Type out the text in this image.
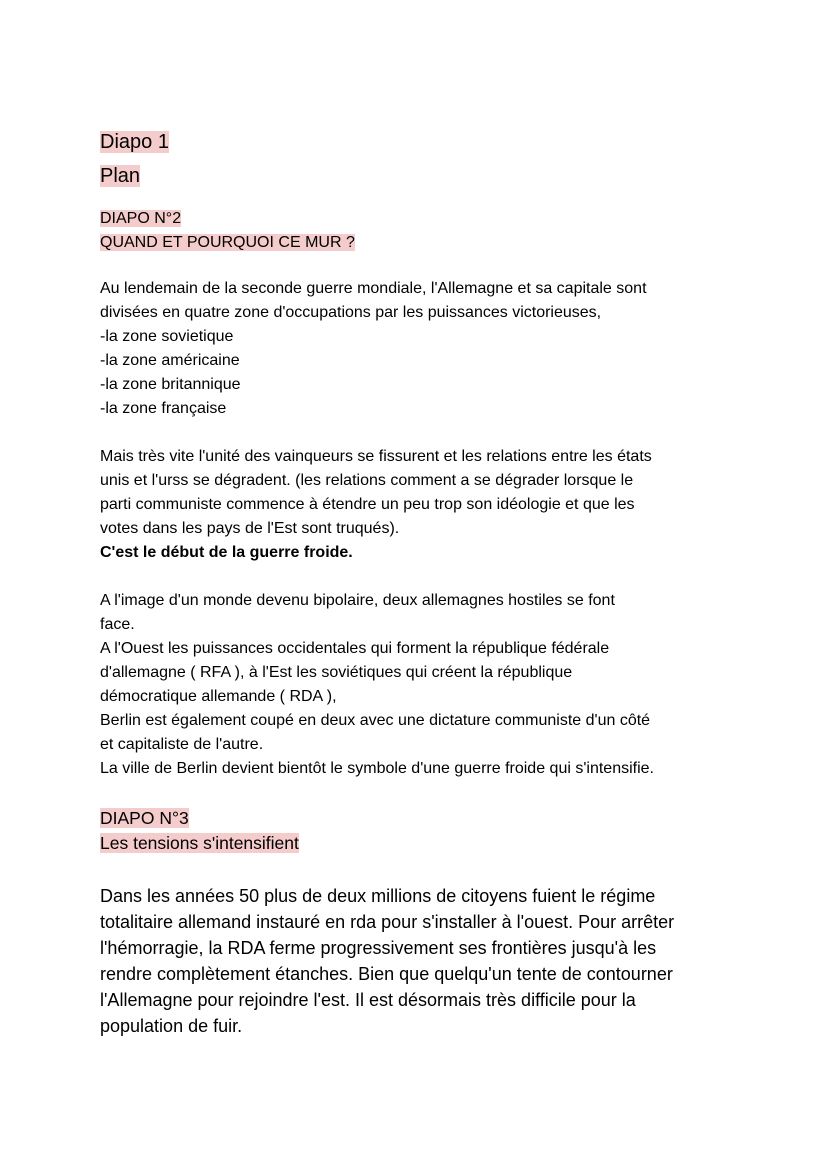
Diapo 1
Plan
DIAPO N°2
QUAND ET POURQUOI CE MUR ?
Au lendemain de la seconde guerre mondiale, l'Allemagne et sa capitale sont
divisées en quatre zone d'occupations par les puissances victorieuses,
-la zone sovietique
-la zone américaine
-la zone britannique
-la zone française
Mais très vite l'unité des vainqueurs se fissurent et les relations entre les états
unis et l'urss se dégradent. (les relations comment a se dégrader lorsque le
parti communiste commence à étendre un peu trop son idéologie et que les
votes dans les pays de l'Est sont truqués).
C'est le début de la guerre froide.
A l'image d'un monde devenu bipolaire, deux allemagnes hostiles se font
face.
A l'Ouest les puissances occidentales qui forment la république fédérale
d'allemagne ( RFA ), à l'Est les soviétiques qui créent la république
démocratique allemande ( RDA ),
Berlin est également coupé en deux avec une dictature communiste d'un côté
et capitaliste de l'autre.
La ville de Berlin devient bientôt le symbole d'une guerre froide qui s'intensifie.
DIAPO N°3
Les tensions s'intensifient
Dans les années 50 plus de deux millions de citoyens fuient le régime
totalitaire allemand instauré en rda pour s'installer à l'ouest. Pour arrêter
l'hémorragie, la RDA ferme progressivement ses frontières jusqu'à les
rendre complètement étanches. Bien que quelqu'un tente de contourner
l'Allemagne pour rejoindre l'est. Il est désormais très difficile pour la
population de fuir.
